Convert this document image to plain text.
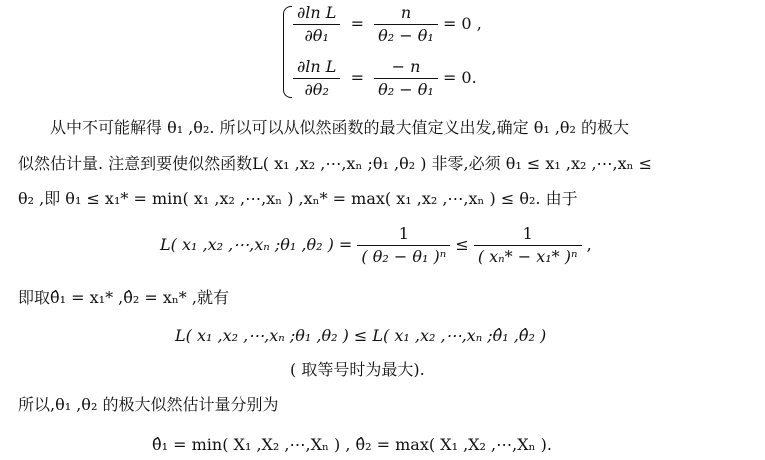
$\frac{\text{∂ln L}}{\text{∂θ₁}} = \frac{n}{\text{θ₂ − θ₁}} = 0$ ,
$\frac{\text{∂ln L}}{\text{∂θ₂}} = \frac{- n}{\text{θ₂ − θ₁}} = 0$.
从中不可能解得 θ₁ ,θ₂. 所以可以从似然函数的最大值定义出发,确定 θ₁ ,θ₂ 的极大
似然估计量. 注意到要使似然函数L( x₁ ,x₂ ,⋯,xₙ ;θ₁ ,θ₂ ) 非零,必须 θ₁ ≤ x₁ ,x₂ ,⋯,xₙ ≤
θ₂ ,即 θ₁ ≤ x₁* = min( x₁ ,x₂ ,⋯,xₙ ) ,xₙ* = max( x₁ ,x₂ ,⋯,xₙ ) ≤ θ₂. 由于
L( x₁ ,x₂ ,⋯,xₙ ;θ₁ ,θ₂ ) = $\frac{1}{\text{( θ₂ − θ₁ )ⁿ}} \le \frac{1}{\text{( xₙ* − x₁* )ⁿ}}$ ,
即取θ̂₁ = x₁* ,θ̂₂ = xₙ* ,就有
L( x₁ ,x₂ ,⋯,xₙ ;θ₁ ,θ₂ ) ≤ L( x₁ ,x₂ ,⋯,xₙ ;θ̂₁ ,θ̂₂ )
( 取等号时为最大).
所以,θ₁ ,θ₂ 的极大似然估计量分别为
θ̂₁ = min( X₁ ,X₂ ,⋯,Xₙ ) , θ̂₂ = max( X₁ ,X₂ ,⋯,Xₙ ).
